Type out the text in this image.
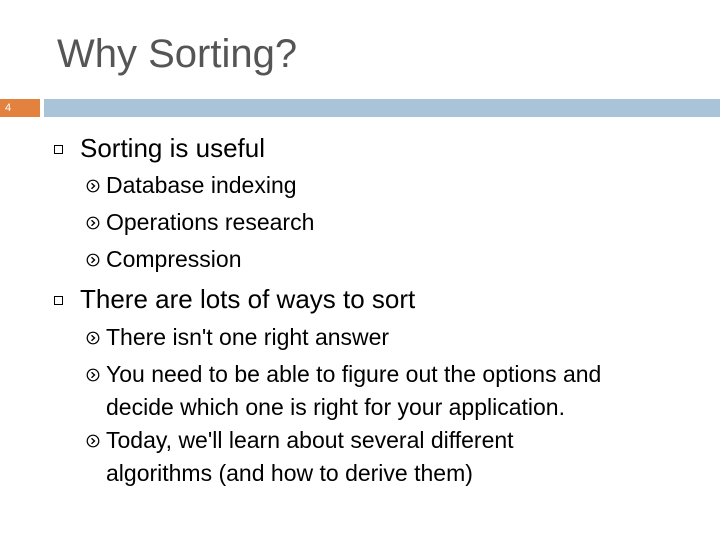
Why Sorting?
4
Sorting is useful
Database indexing
Operations research
Compression
There are lots of ways to sort
There isn't one right answer
You need to be able to figure out the options and
decide which one is right for your application.
Today, we'll learn about several different
algorithms (and how to derive them)
